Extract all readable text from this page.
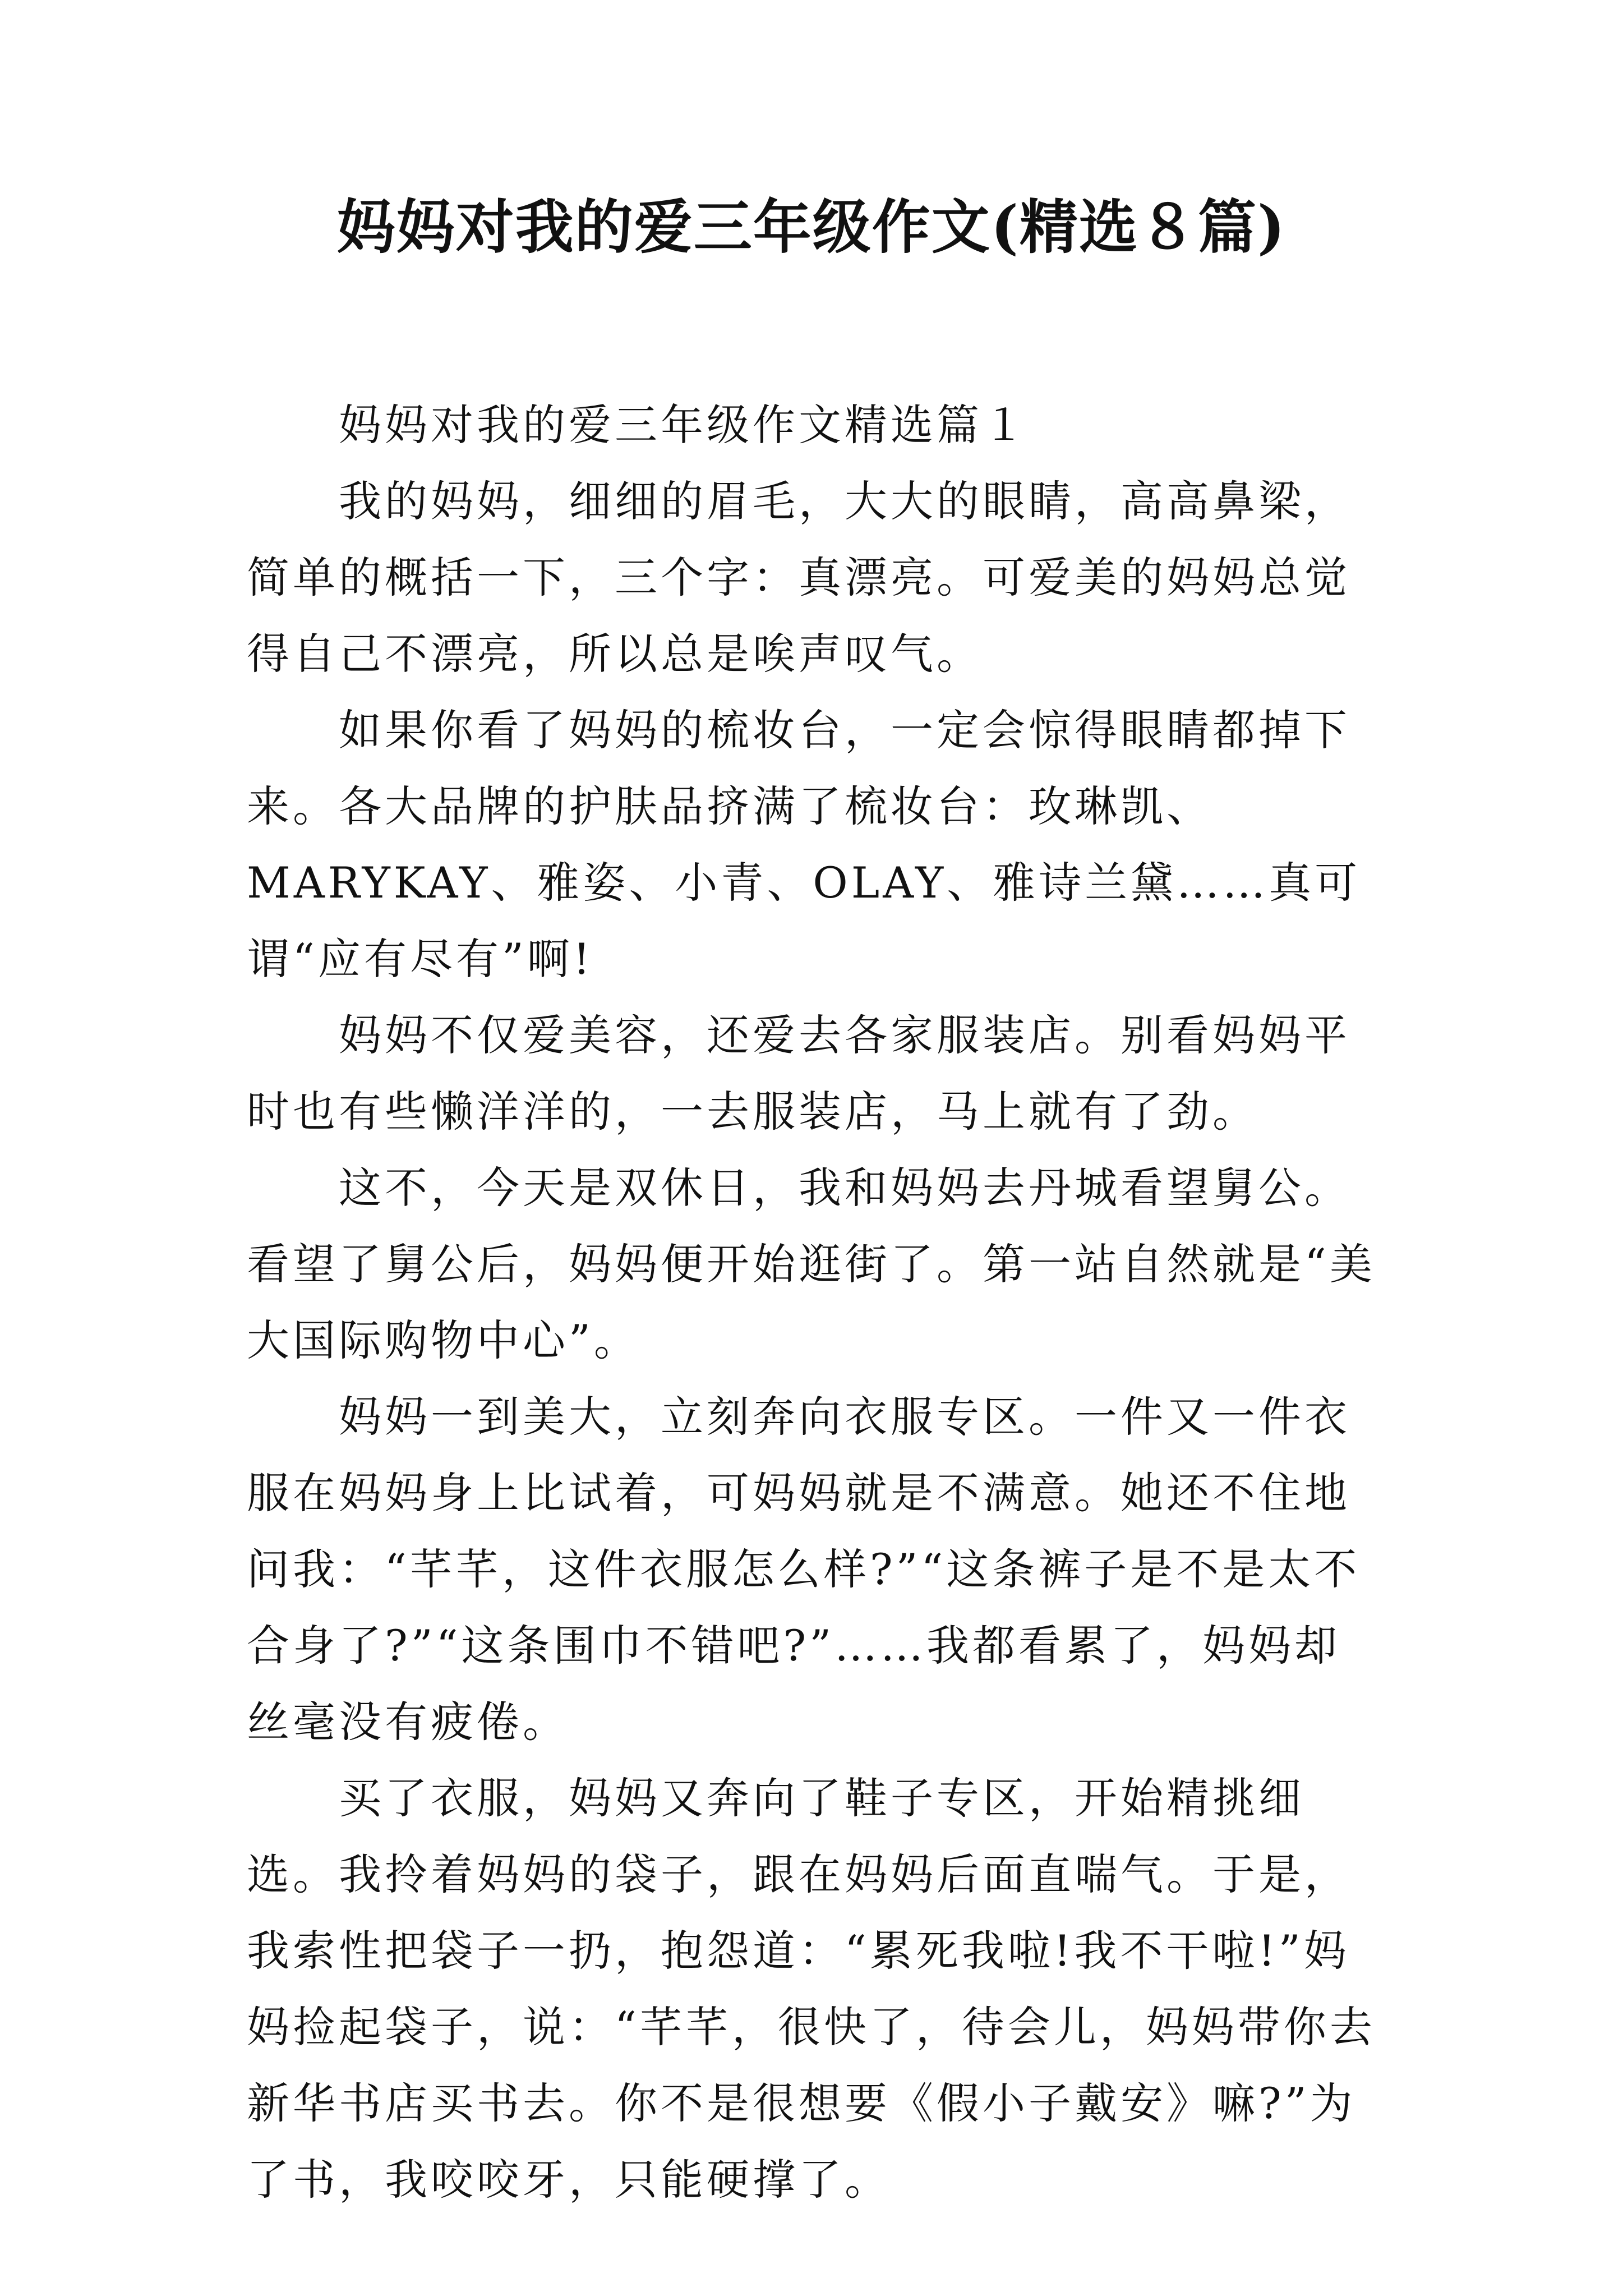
妈妈对我的爱三年级作文(精选８篇)

妈妈对我的爱三年级作文精选篇１

我的妈妈，细细的眉毛，大大的眼睛，高高鼻梁，简单的概括一下，三个字：真漂亮。可爱美的妈妈总觉得自己不漂亮，所以总是唉声叹气。

如果你看了妈妈的梳妆台，一定会惊得眼睛都掉下来。各大品牌的护肤品挤满了梳妆台：玫琳凯、MARYKAY、雅姿、小青、OLAY、雅诗兰黛……真可谓“应有尽有”啊!

妈妈不仅爱美容，还爱去各家服装店。别看妈妈平时也有些懒洋洋的，一去服装店，马上就有了劲。

这不，今天是双休日，我和妈妈去丹城看望舅公。看望了舅公后，妈妈便开始逛街了。第一站自然就是“美大国际购物中心”。

妈妈一到美大，立刻奔向衣服专区。一件又一件衣服在妈妈身上比试着，可妈妈就是不满意。她还不住地问我：“芊芊，这件衣服怎么样?”“这条裤子是不是太不合身了?”“这条围巾不错吧?”……我都看累了，妈妈却丝毫没有疲倦。

买了衣服，妈妈又奔向了鞋子专区，开始精挑细选。我拎着妈妈的袋子，跟在妈妈后面直喘气。于是，我索性把袋子一扔，抱怨道：“累死我啦!我不干啦!”妈妈捡起袋子，说：“芊芊，很快了，待会儿，妈妈带你去新华书店买书去。你不是很想要《假小子戴安》嘛?”为了书，我咬咬牙，只能硬撑了。
